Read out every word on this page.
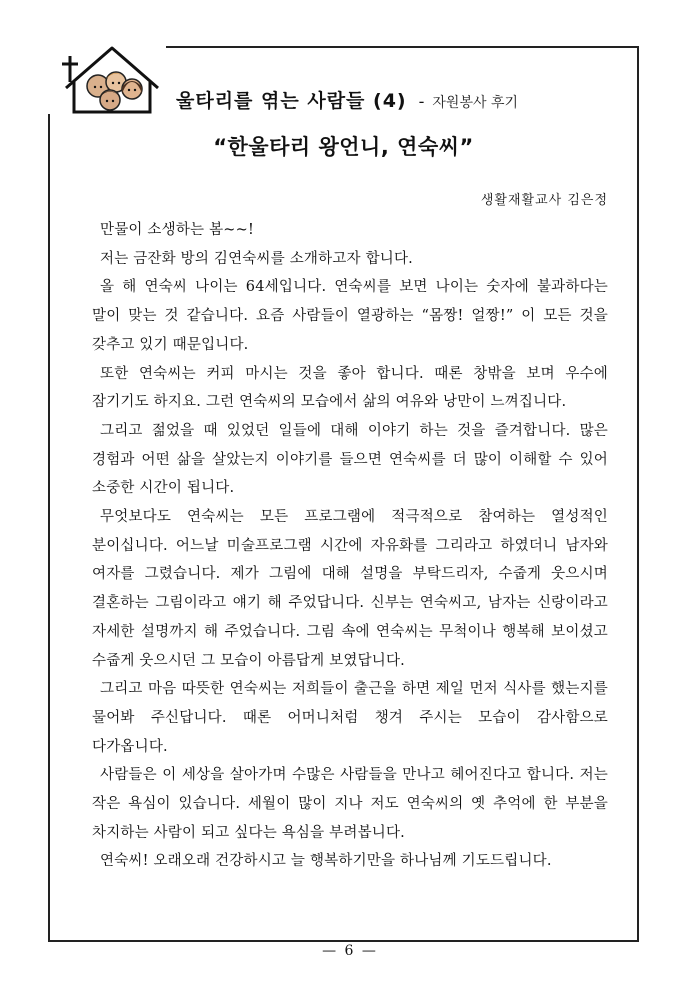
울타리를 엮는 사람들 (4) - 자원봉사 후기
“한울타리 왕언니, 연숙씨”
생활재활교사 김은정

만물이 소생하는 봄~~!

저는 금잔화 방의 김연숙씨를 소개하고자 합니다.

올 해 연숙씨 나이는 64세입니다. 연숙씨를 보면 나이는 숫자에 불과하다는 말이 맞는 것 같습니다. 요즘 사람들이 열광하는 “몸짱! 얼짱!” 이 모든 것을 갖추고 있기 때문입니다.

또한 연숙씨는 커피 마시는 것을 좋아 합니다. 때론 창밖을 보며 우수에 잠기기도 하지요. 그런 연숙씨의 모습에서 삶의 여유와 낭만이 느껴집니다.

그리고 젊었을 때 있었던 일들에 대해 이야기 하는 것을 즐겨합니다. 많은 경험과 어떤 삶을 살았는지 이야기를 들으면 연숙씨를 더 많이 이해할 수 있어 소중한 시간이 됩니다.

무엇보다도 연숙씨는 모든 프로그램에 적극적으로 참여하는 열성적인 분이십니다. 어느날 미술프로그램 시간에 자유화를 그리라고 하였더니 남자와 여자를 그렸습니다. 제가 그림에 대해 설명을 부탁드리자, 수줍게 웃으시며 결혼하는 그림이라고 얘기 해 주었답니다. 신부는 연숙씨고, 남자는 신랑이라고 자세한 설명까지 해 주었습니다. 그림 속에 연숙씨는 무척이나 행복해 보이셨고 수줍게 웃으시던 그 모습이 아름답게 보였답니다.

그리고 마음 따뜻한 연숙씨는 저희들이 출근을 하면 제일 먼저 식사를 했는지를 물어봐 주신답니다. 때론 어머니처럼 챙겨 주시는 모습이 감사함으로 다가옵니다.

사람들은 이 세상을 살아가며 수많은 사람들을 만나고 헤어진다고 합니다. 저는 작은 욕심이 있습니다. 세월이 많이 지나 저도 연숙씨의 옛 추억에 한 부분을 차지하는 사람이 되고 싶다는 욕심을 부려봅니다.

연숙씨! 오래오래 건강하시고 늘 행복하기만을 하나님께 기도드립니다.

— 6 —
